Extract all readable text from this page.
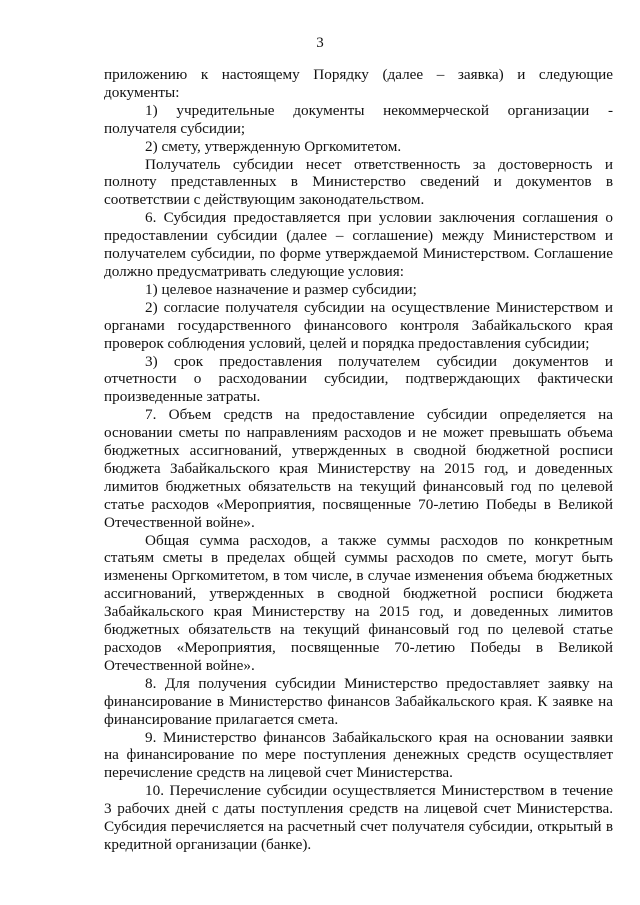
3
приложению к настоящему Порядку (далее – заявка) и следующие
документы:
1) учредительные документы некоммерческой организации -
получателя субсидии;
2) смету, утвержденную Оргкомитетом.
Получатель субсидии несет ответственность за достоверность и
полноту представленных в Министерство сведений и документов в
соответствии с действующим законодательством.
6. Субсидия предоставляется при условии заключения соглашения о
предоставлении субсидии (далее – соглашение) между Министерством и
получателем субсидии, по форме утверждаемой Министерством. Соглашение
должно предусматривать следующие условия:
1) целевое назначение и размер субсидии;
2) согласие получателя субсидии на осуществление Министерством и
органами государственного финансового контроля Забайкальского края
проверок соблюдения условий, целей и порядка предоставления субсидии;
3) срок предоставления получателем субсидии документов и
отчетности о расходовании субсидии, подтверждающих фактически
произведенные затраты.
7. Объем средств на предоставление субсидии определяется на
основании сметы по направлениям расходов и не может превышать объема
бюджетных ассигнований, утвержденных в сводной бюджетной росписи
бюджета Забайкальского края Министерству на 2015 год, и доведенных
лимитов бюджетных обязательств на текущий финансовый год по целевой
статье расходов «Мероприятия, посвященные 70-летию Победы в Великой
Отечественной войне».
Общая сумма расходов, а также суммы расходов по конкретным
статьям сметы в пределах общей суммы расходов по смете, могут быть
изменены Оргкомитетом, в том числе, в случае изменения объема бюджетных
ассигнований, утвержденных в сводной бюджетной росписи бюджета
Забайкальского края Министерству на 2015 год, и доведенных лимитов
бюджетных обязательств на текущий финансовый год по целевой статье
расходов «Мероприятия, посвященные 70-летию Победы в Великой
Отечественной войне».
8. Для получения субсидии Министерство предоставляет заявку на
финансирование в Министерство финансов Забайкальского края. К заявке на
финансирование прилагается смета.
9. Министерство финансов Забайкальского края на основании заявки
на финансирование по мере поступления денежных средств осуществляет
перечисление средств на лицевой счет Министерства.
10. Перечисление субсидии осуществляется Министерством в течение
3 рабочих дней с даты поступления средств на лицевой счет Министерства.
Субсидия перечисляется на расчетный счет получателя субсидии, открытый в
кредитной организации (банке).
